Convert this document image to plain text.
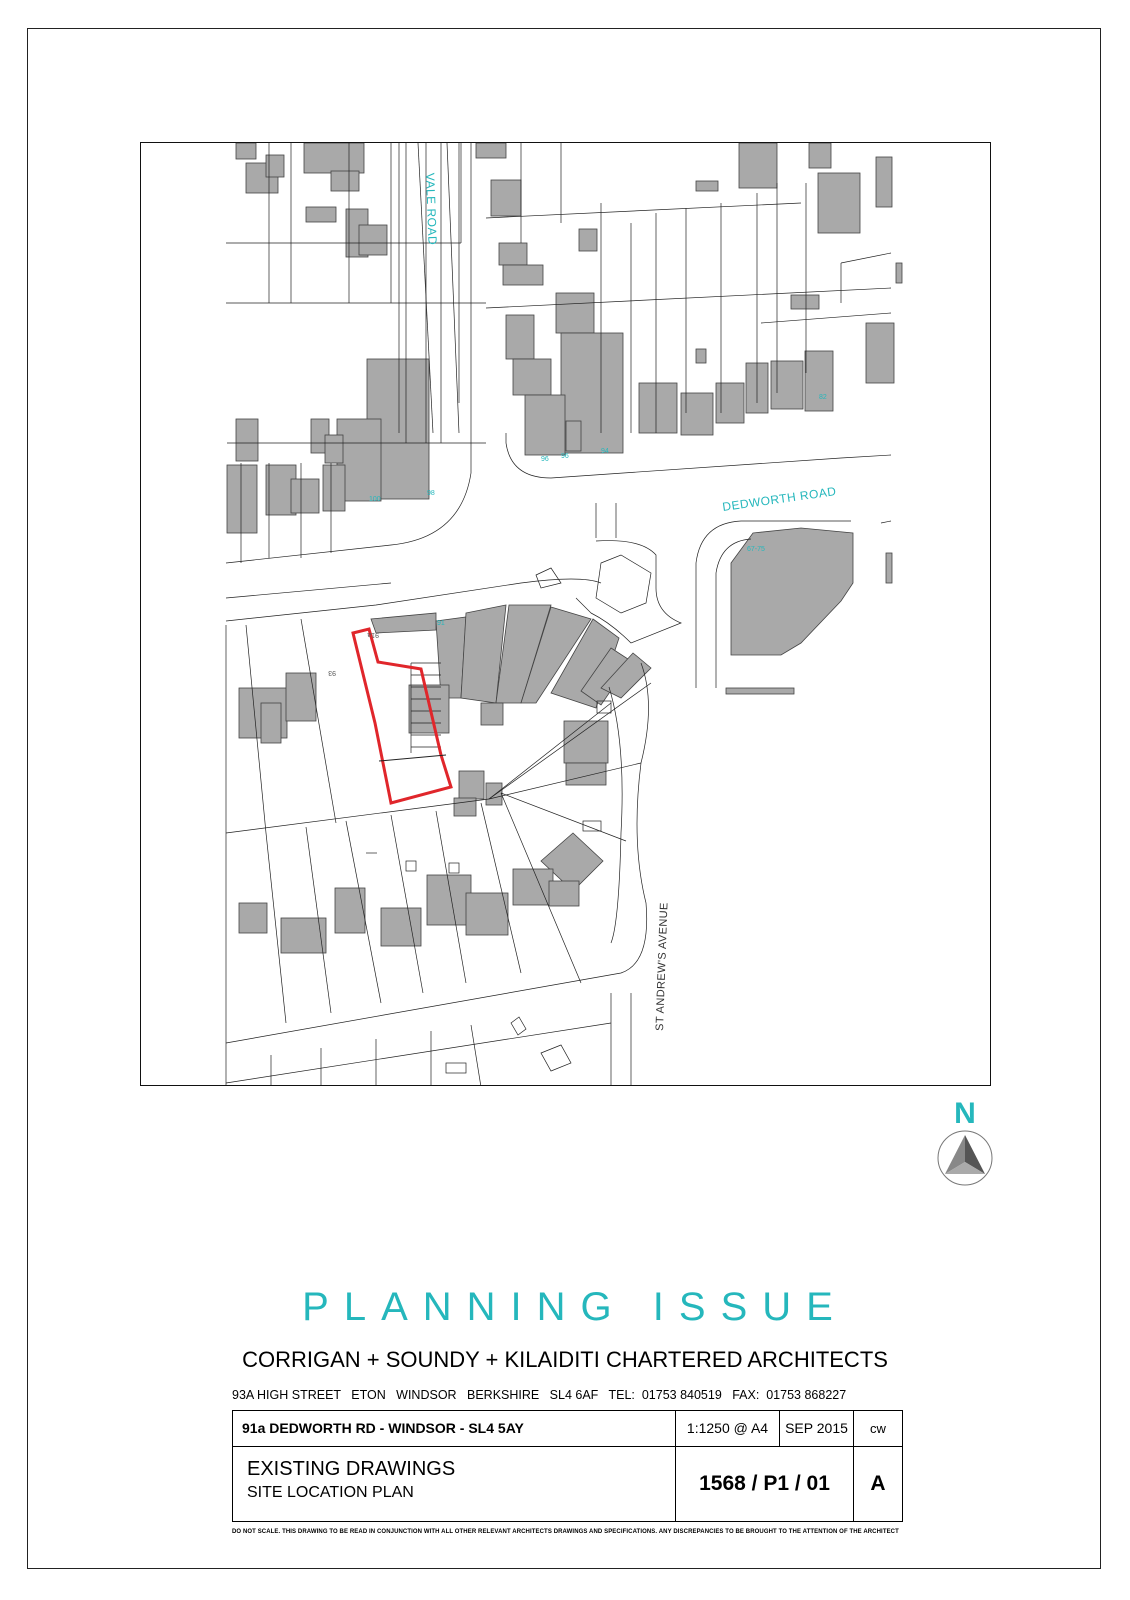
VALE ROAD
DEDWORTH ROAD
ST ANDREW'S AVENUE
98
100
94
96 96
82
67-75
91
93
91a
N
PLANNING ISSUE
CORRIGAN + SOUNDY + KILAIDITI CHARTERED ARCHITECTS
93A HIGH STREET   ETON   WINDSOR   BERKSHIRE   SL4 6AF   TEL:  01753 840519   FAX:  01753 868227
91a DEDWORTH RD - WINDSOR - SL4 5AY	1:1250 @ A4	SEP 2015	cw
EXISTING DRAWINGS
SITE LOCATION PLAN	1568 / P1 / 01	A
DO NOT SCALE. THIS DRAWING TO BE READ IN CONJUNCTION WITH ALL OTHER RELEVANT ARCHITECTS DRAWINGS AND SPECIFICATIONS. ANY DISCREPANCIES TO BE BROUGHT TO THE ATTENTION OF THE ARCHITECT
